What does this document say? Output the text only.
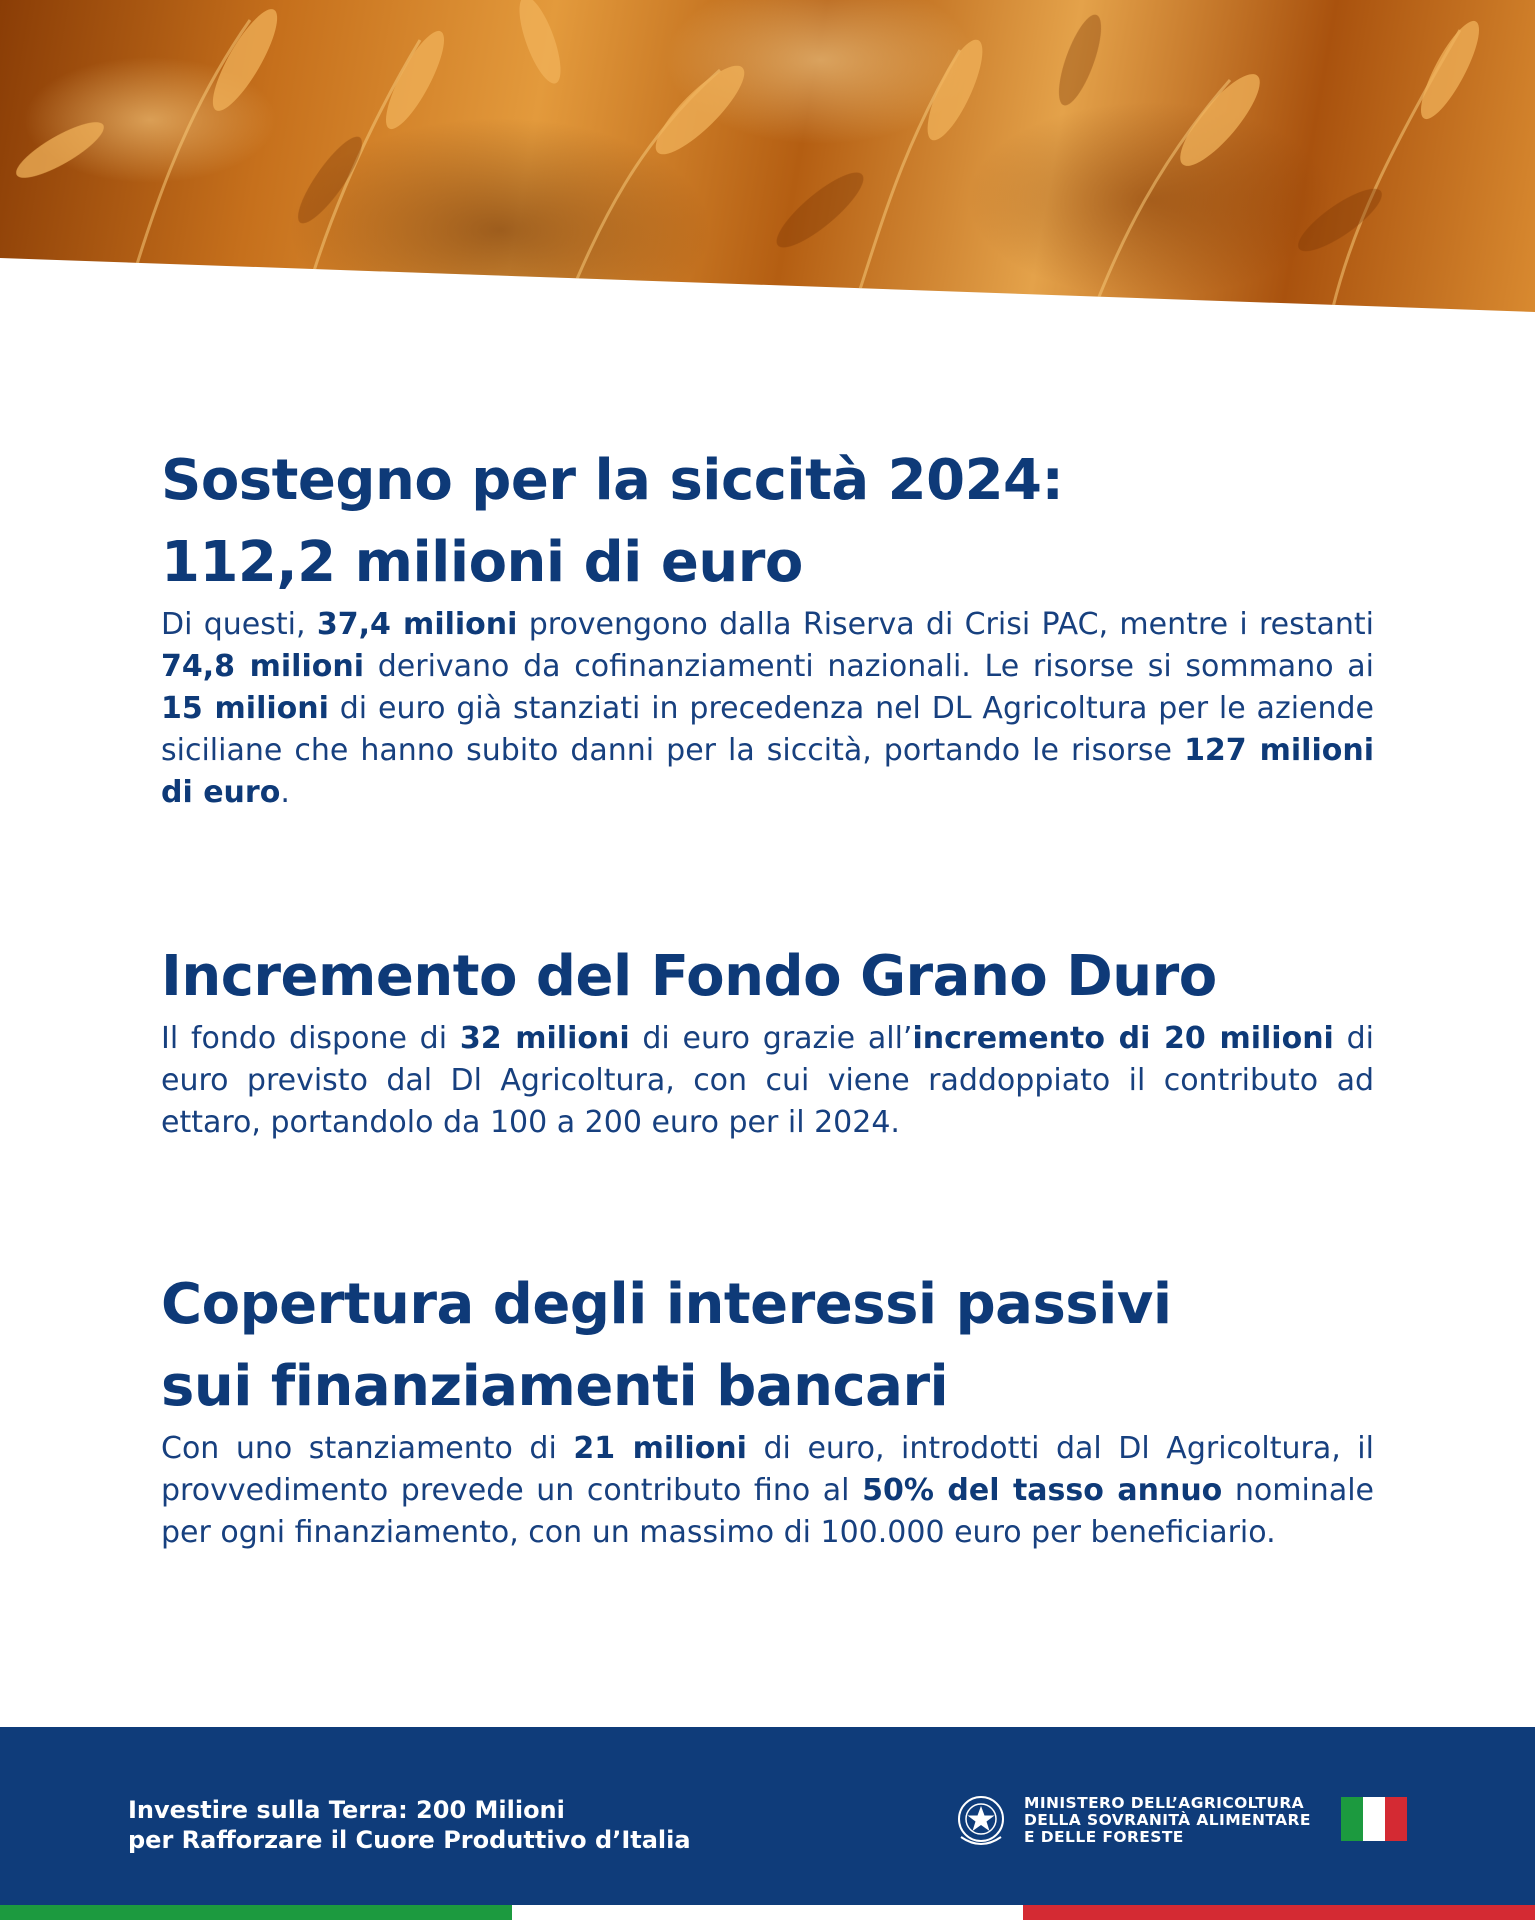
Sostegno per la siccità 2024:
112,2 milioni di euro

Di questi, 37,4 milioni provengono dalla Riserva di Crisi PAC, mentre i restanti 74,8 milioni derivano da cofinanziamenti nazionali. Le risorse si sommano ai 15 milioni di euro già stanziati in precedenza nel DL Agricoltura per le aziende siciliane che hanno subito danni per la siccità, portando le risorse 127 milioni di euro.

Incremento del Fondo Grano Duro

Il fondo dispone di 32 milioni di euro grazie all’incremento di 20 milioni di euro previsto dal Dl Agricoltura, con cui viene raddoppiato il contributo ad ettaro, portandolo da 100 a 200 euro per il 2024.

Copertura degli interessi passivi
sui finanziamenti bancari

Con uno stanziamento di 21 milioni di euro, introdotti dal Dl Agricoltura, il provvedimento prevede un contributo fino al 50% del tasso annuo nominale per ogni finanziamento, con un massimo di 100.000 euro per beneficiario.

Investire sulla Terra: 200 Milioni
per Rafforzare il Cuore Produttivo d’Italia
MINISTERO DELL’AGRICOLTURA
DELLA SOVRANITÀ ALIMENTARE
E DELLE FORESTE
